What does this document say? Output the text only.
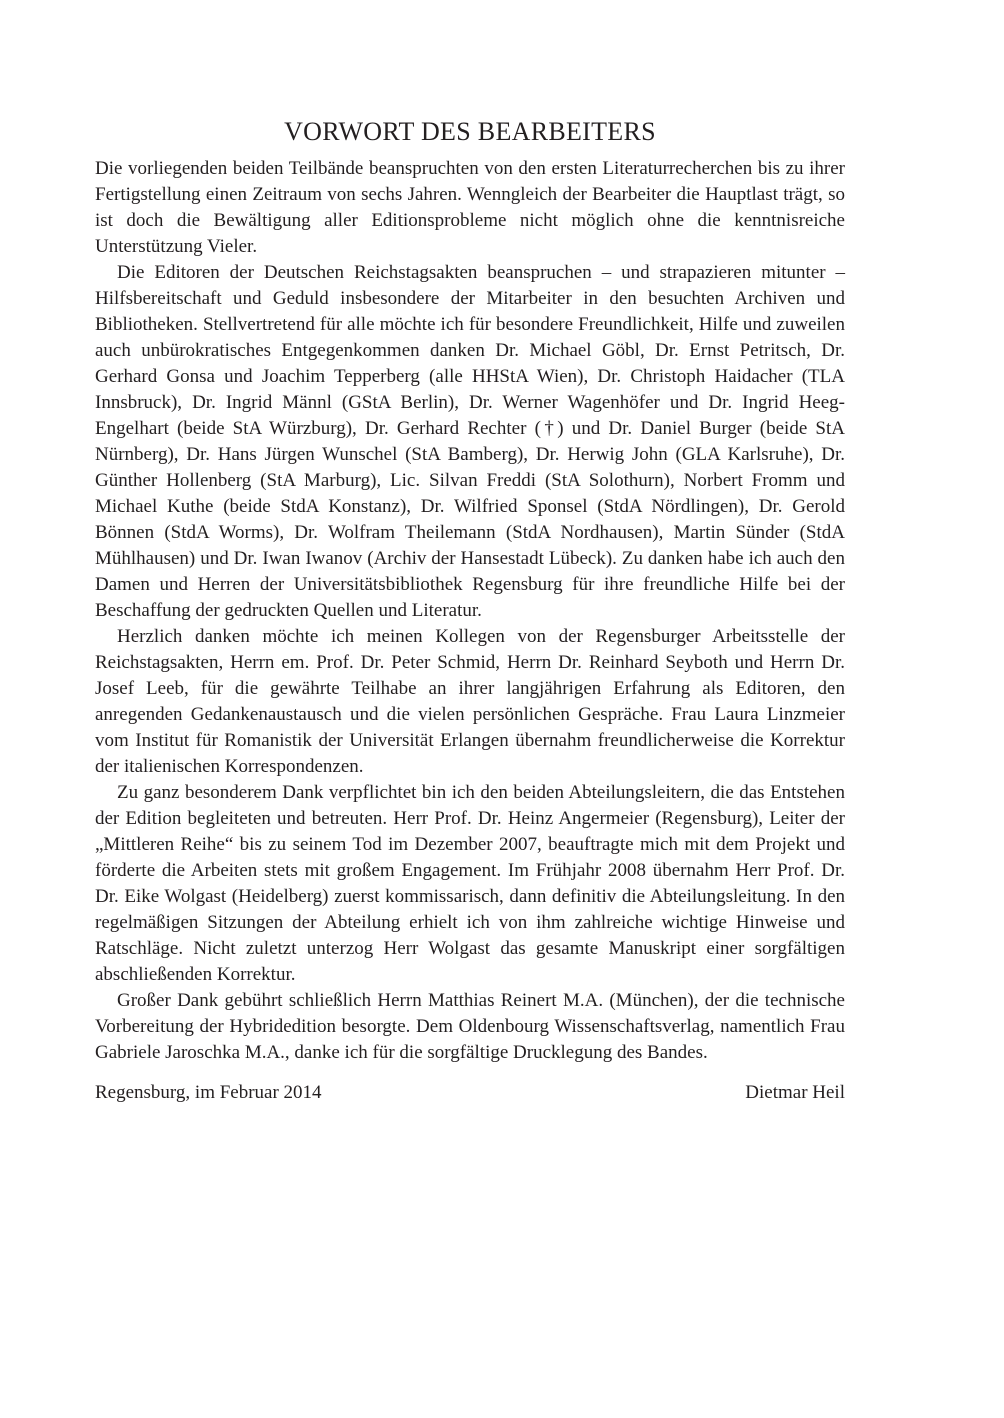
VORWORT DES BEARBEITERS

Die vorliegenden beiden Teilbände beanspruchten von den ersten Literaturrecherchen bis zu ihrer Fertigstellung einen Zeitraum von sechs Jahren. Wenngleich der Bearbeiter die Hauptlast trägt, so ist doch die Bewältigung aller Editionsprobleme nicht möglich ohne die kenntnisreiche Unterstützung Vieler.

Die Editoren der Deutschen Reichstagsakten beanspruchen – und strapazieren mitunter – Hilfsbereitschaft und Geduld insbesondere der Mitarbeiter in den besuchten Archiven und Bibliotheken. Stellvertretend für alle möchte ich für besondere Freundlichkeit, Hilfe und zuweilen auch unbürokratisches Entgegenkommen danken Dr. Michael Göbl, Dr. Ernst Petritsch, Dr. Gerhard Gonsa und Joachim Tepperberg (alle HHStA Wien), Dr. Christoph Haidacher (TLA Innsbruck), Dr. Ingrid Männl (GStA Berlin), Dr. Werner Wagenhöfer und Dr. Ingrid Heeg-Engelhart (beide StA Würzburg), Dr. Gerhard Rechter (†) und Dr. Daniel Burger (beide StA Nürnberg), Dr. Hans Jürgen Wunschel (StA Bamberg), Dr. Herwig John (GLA Karlsruhe), Dr. Günther Hollenberg (StA Marburg), Lic. Silvan Freddi (StA Solothurn), Norbert Fromm und Michael Kuthe (beide StdA Konstanz), Dr. Wilfried Sponsel (StdA Nördlingen), Dr. Gerold Bönnen (StdA Worms), Dr. Wolfram Theilemann (StdA Nordhausen), Martin Sünder (StdA Mühlhausen) und Dr. Iwan Iwanov (Archiv der Hansestadt Lübeck). Zu danken habe ich auch den Damen und Herren der Universitätsbibliothek Regensburg für ihre freundliche Hilfe bei der Beschaffung der gedruckten Quellen und Literatur.

Herzlich danken möchte ich meinen Kollegen von der Regensburger Arbeitsstelle der Reichstagsakten, Herrn em. Prof. Dr. Peter Schmid, Herrn Dr. Reinhard Seyboth und Herrn Dr. Josef Leeb, für die gewährte Teilhabe an ihrer langjährigen Erfahrung als Editoren, den anregenden Gedankenaustausch und die vielen persönlichen Gespräche. Frau Laura Linzmeier vom Institut für Romanistik der Universität Erlangen übernahm freundlicherweise die Korrektur der italienischen Korrespondenzen.

Zu ganz besonderem Dank verpflichtet bin ich den beiden Abteilungsleitern, die das Entstehen der Edition begleiteten und betreuten. Herr Prof. Dr. Heinz Angermeier (Regensburg), Leiter der „Mittleren Reihe“ bis zu seinem Tod im Dezember 2007, beauftragte mich mit dem Projekt und förderte die Arbeiten stets mit großem Engagement. Im Frühjahr 2008 übernahm Herr Prof. Dr. Dr. Eike Wolgast (Heidelberg) zuerst kommissarisch, dann definitiv die Abteilungsleitung. In den regelmäßigen Sitzungen der Abteilung erhielt ich von ihm zahlreiche wichtige Hinweise und Ratschläge. Nicht zuletzt unterzog Herr Wolgast das gesamte Manuskript einer sorgfältigen abschließenden Korrektur.

Großer Dank gebührt schließlich Herrn Matthias Reinert M.A. (München), der die technische Vorbereitung der Hybridedition besorgte. Dem Oldenbourg Wissenschaftsverlag, namentlich Frau Gabriele Jaroschka M.A., danke ich für die sorgfältige Drucklegung des Bandes.

Regensburg, im Februar 2014	Dietmar Heil
